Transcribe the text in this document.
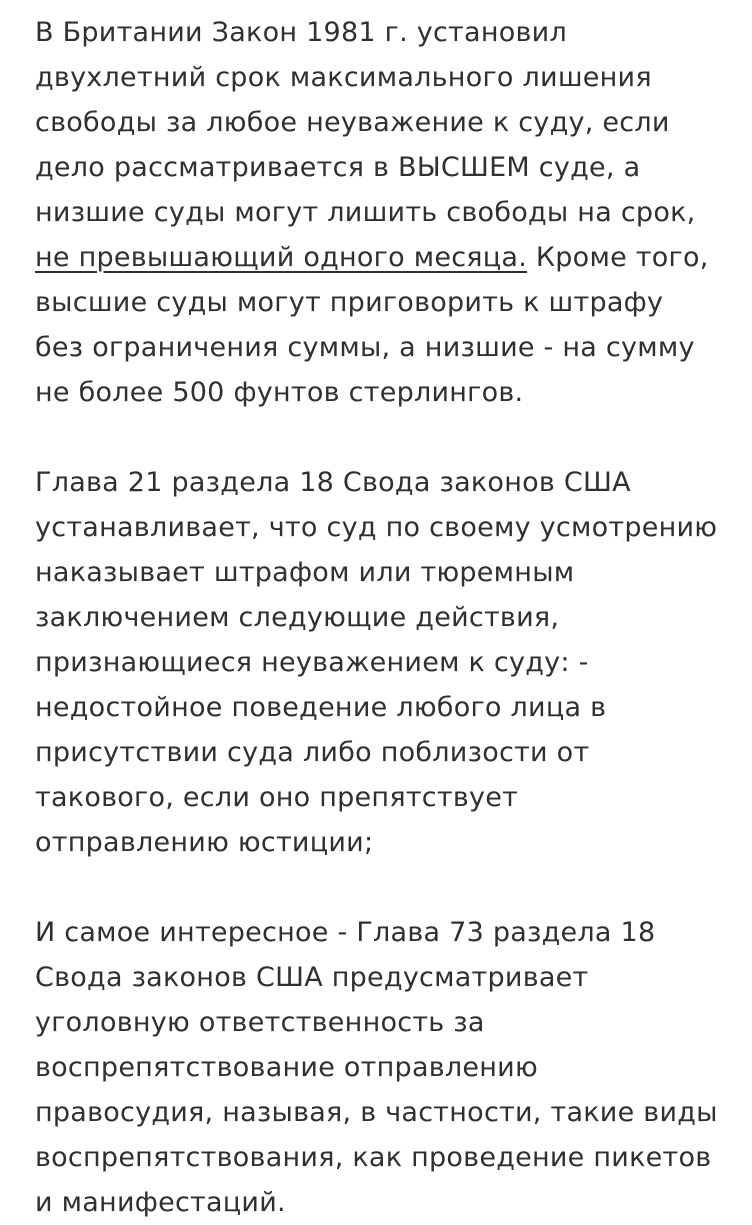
В Британии Закон 1981 г. установил
двухлетний срок максимального лишения
свободы за любое неуважение к суду, если
дело рассматривается в ВЫСШЕМ суде, а
низшие суды могут лишить свободы на срок,
не превышающий одного месяца. Кроме того,
высшие суды могут приговорить к штрафу
без ограничения суммы, а низшие - на сумму
не более 500 фунтов стерлингов.

Глава 21 раздела 18 Свода законов США
устанавливает, что суд по своему усмотрению
наказывает штрафом или тюремным
заключением следующие действия,
признающиеся неуважением к суду: -
недостойное поведение любого лица в
присутствии суда либо поблизости от
такового, если оно препятствует
отправлению юстиции;

И самое интересное - Глава 73 раздела 18
Свода законов США предусматривает
уголовную ответственность за
воспрепятствование отправлению
правосудия, называя, в частности, такие виды
воспрепятствования, как проведение пикетов
и манифестаций.
